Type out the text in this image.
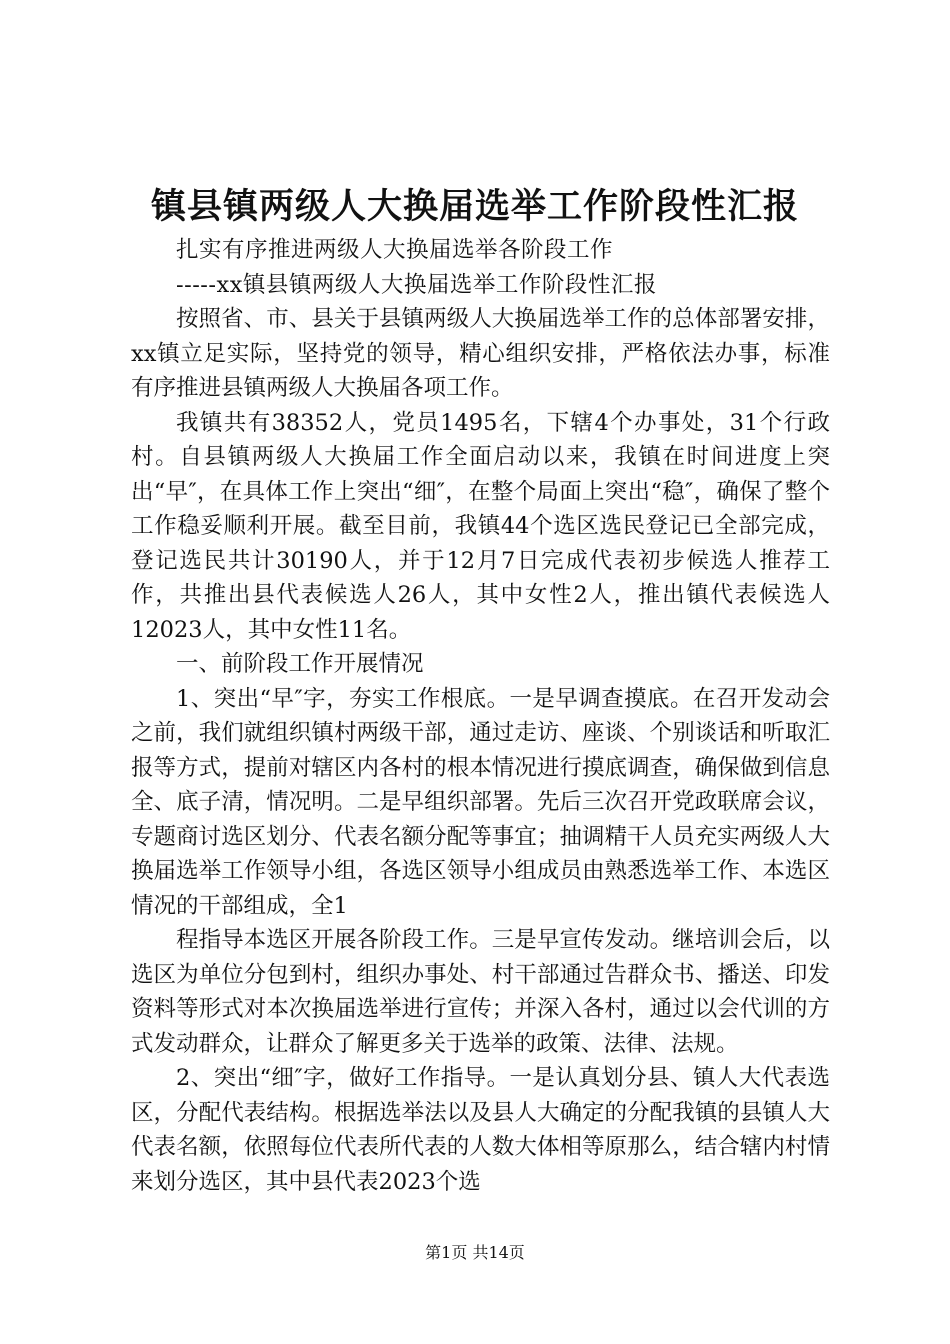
镇县镇两级人大换届选举工作阶段性汇报

扎实有序推进两级人大换届选举各阶段工作

-----xx镇县镇两级人大换届选举工作阶段性汇报

按照省、市、县关于县镇两级人大换届选举工作的总体部署安排，xx镇立足实际，坚持党的领导，精心组织安排，严格依法办事，标准有序推进县镇两级人大换届各项工作。

我镇共有38352人，党员1495名，下辖4个办事处，31个行政村。自县镇两级人大换届工作全面启动以来，我镇在时间进度上突出“早″，在具体工作上突出“细″，在整个局面上突出“稳″，确保了整个工作稳妥顺利开展。截至目前，我镇44个选区选民登记已全部完成，登记选民共计30190人，并于12月7日完成代表初步候选人推荐工作，共推出县代表候选人26人，其中女性2人，推出镇代表候选人12023人，其中女性11名。

一、前阶段工作开展情况

1、突出“早″字，夯实工作根底。一是早调查摸底。在召开发动会之前，我们就组织镇村两级干部，通过走访、座谈、个别谈话和听取汇报等方式，提前对辖区内各村的根本情况进行摸底调查，确保做到信息全、底子清，情况明。二是早组织部署。先后三次召开党政联席会议，专题商讨选区划分、代表名额分配等事宜；抽调精干人员充实两级人大换届选举工作领导小组，各选区领导小组成员由熟悉选举工作、本选区情况的干部组成，全1

程指导本选区开展各阶段工作。三是早宣传发动。继培训会后，以选区为单位分包到村，组织办事处、村干部通过告群众书、播送、印发资料等形式对本次换届选举进行宣传；并深入各村，通过以会代训的方式发动群众，让群众了解更多关于选举的政策、法律、法规。

2、突出“细″字，做好工作指导。一是认真划分县、镇人大代表选区，分配代表结构。根据选举法以及县人大确定的分配我镇的县镇人大代表名额，依照每位代表所代表的人数大体相等原那么，结合辖内村情来划分选区，其中县代表2023个选

第1页 共14页
